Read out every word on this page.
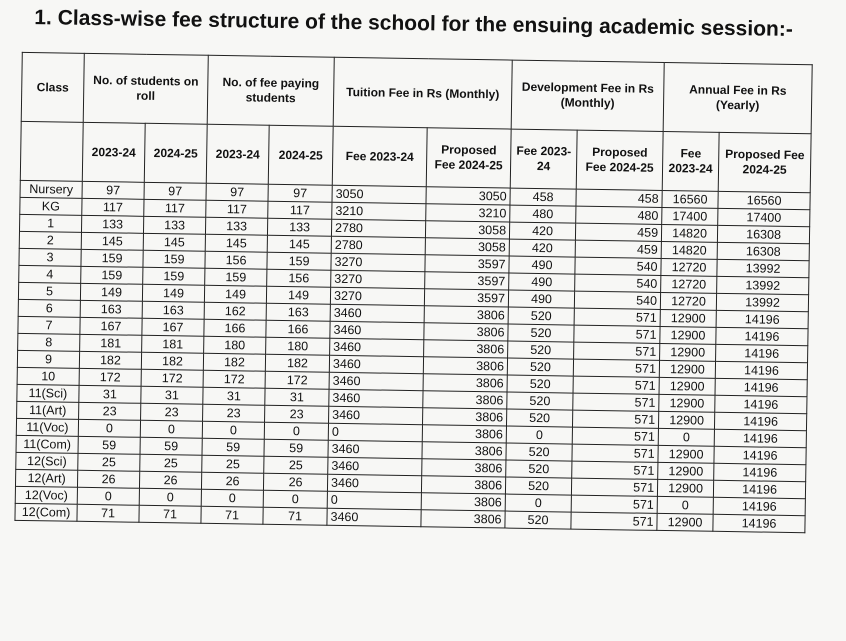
1. Class-wise fee structure of the school for the ensuing academic session:-
Class	No. of students on roll		No. of fee paying students		Tuition Fee in Rs (Monthly)		Development Fee in Rs (Monthly)		Annual Fee in Rs (Yearly)	
	2023-24	2024-25	2023-24	2024-25	Fee 2023-24	Proposed Fee 2024-25	Fee 2023-24	Proposed Fee 2024-25	Fee 2023-24	Proposed Fee 2024-25
Nursery	97	97	97	97	3050	3050	458	458	16560	16560
KG	117	117	117	117	3210	3210	480	480	17400	17400
1	133	133	133	133	2780	3058	420	459	14820	16308
2	145	145	145	145	2780	3058	420	459	14820	16308
3	159	159	156	159	3270	3597	490	540	12720	13992
4	159	159	159	156	3270	3597	490	540	12720	13992
5	149	149	149	149	3270	3597	490	540	12720	13992
6	163	163	162	163	3460	3806	520	571	12900	14196
7	167	167	166	166	3460	3806	520	571	12900	14196
8	181	181	180	180	3460	3806	520	571	12900	14196
9	182	182	182	182	3460	3806	520	571	12900	14196
10	172	172	172	172	3460	3806	520	571	12900	14196
11(Sci)	31	31	31	31	3460	3806	520	571	12900	14196
11(Art)	23	23	23	23	3460	3806	520	571	12900	14196
11(Voc)	0	0	0	0	0	3806	0	571	0	14196
11(Com)	59	59	59	59	3460	3806	520	571	12900	14196
12(Sci)	25	25	25	25	3460	3806	520	571	12900	14196
12(Art)	26	26	26	26	3460	3806	520	571	12900	14196
12(Voc)	0	0	0	0	0	3806	0	571	0	14196
12(Com)	71	71	71	71	3460	3806	520	571	12900	14196
